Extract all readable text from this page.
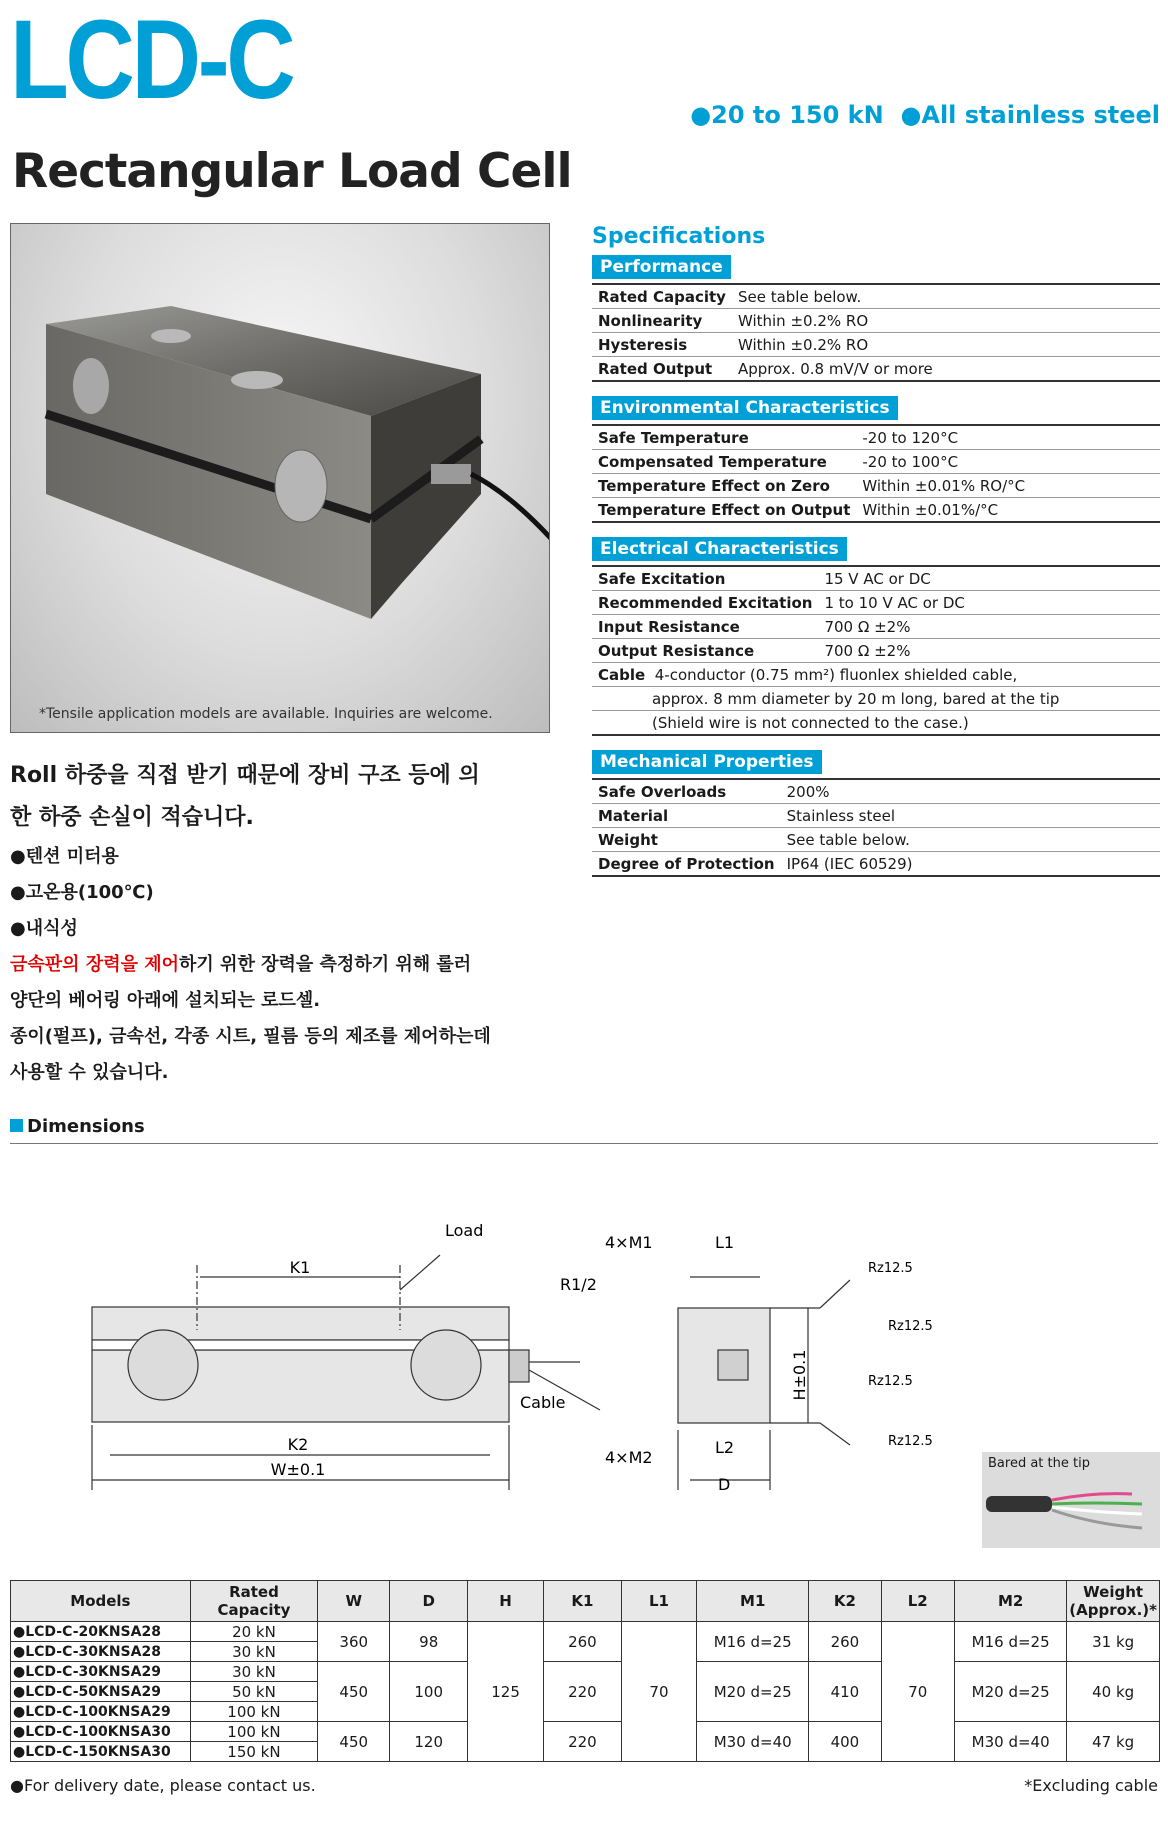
LCD-C
Rectangular Load Cell
●20 to 150 kN ●All stainless steel
*Tensile application models are available. Inquiries are welcome.
Specifications
Performance
Rated Capacity	See table below.
Nonlinearity	Within ±0.2% RO
Hysteresis	Within ±0.2% RO
Rated Output	Approx. 0.8 mV/V or more
Environmental Characteristics
Safe Temperature	-20 to 120°C
Compensated Temperature	-20 to 100°C
Temperature Effect on Zero	Within ±0.01% RO/°C
Temperature Effect on Output	Within ±0.01%/°C
Electrical Characteristics
Safe Excitation	15 V AC or DC
Recommended Excitation	1 to 10 V AC or DC
Input Resistance	700 Ω ±2%
Output Resistance	700 Ω ±2%
Cable 4-conductor (0.75 mm²) fluonlex shielded cable,	
approx. 8 mm diameter by 20 m long, bared at the tip	
(Shield wire is not connected to the case.)	
Mechanical Properties
Safe Overloads	200%
Material	Stainless steel
Weight	See table below.
Degree of Protection	IP64 (IEC 60529)
Roll 하중을 직접 받기 때문에 장비 구조 등에 의
한 하중 손실이 적습니다.
●텐션 미터용
●고온용(100℃)
●내식성
금속판의 장력을 제어하기 위한 장력을 측정하기 위해 롤러
양단의 베어링 아래에 설치되는 로드셀.
종이(펄프), 금속선, 각종 시트, 필름 등의 제조를 제어하는데
사용할 수 있습니다.
Dimensions
K1
Load
R1/2
Cable
K2
W±0.1
4×M1	L1
H±0.1
4×M2
L2
D
Rz12.5
Rz12.5
Rz12.5
Rz12.5
Bared at the tip
Models	Rated Capacity	W	D	H	K1	L1	M1	K2	L2	M2	Weight
(Approx.)*
●LCD-C-20KNSA28	20 kN	360	98	125	260	70	M16 d=25	260	70	M16 d=25	31 kg
●LCD-C-30KNSA28	30 kN										
●LCD-C-30KNSA29	30 kN	450	100		220		M20 d=25	410		M20 d=25	40 kg
●LCD-C-50KNSA29	50 kN										
●LCD-C-100KNSA29	100 kN										
●LCD-C-100KNSA30	100 kN	450	120		220		M30 d=40	400		M30 d=40	47 kg
●LCD-C-150KNSA30	150 kN										
●For delivery date, please contact us.	*Excluding cable
